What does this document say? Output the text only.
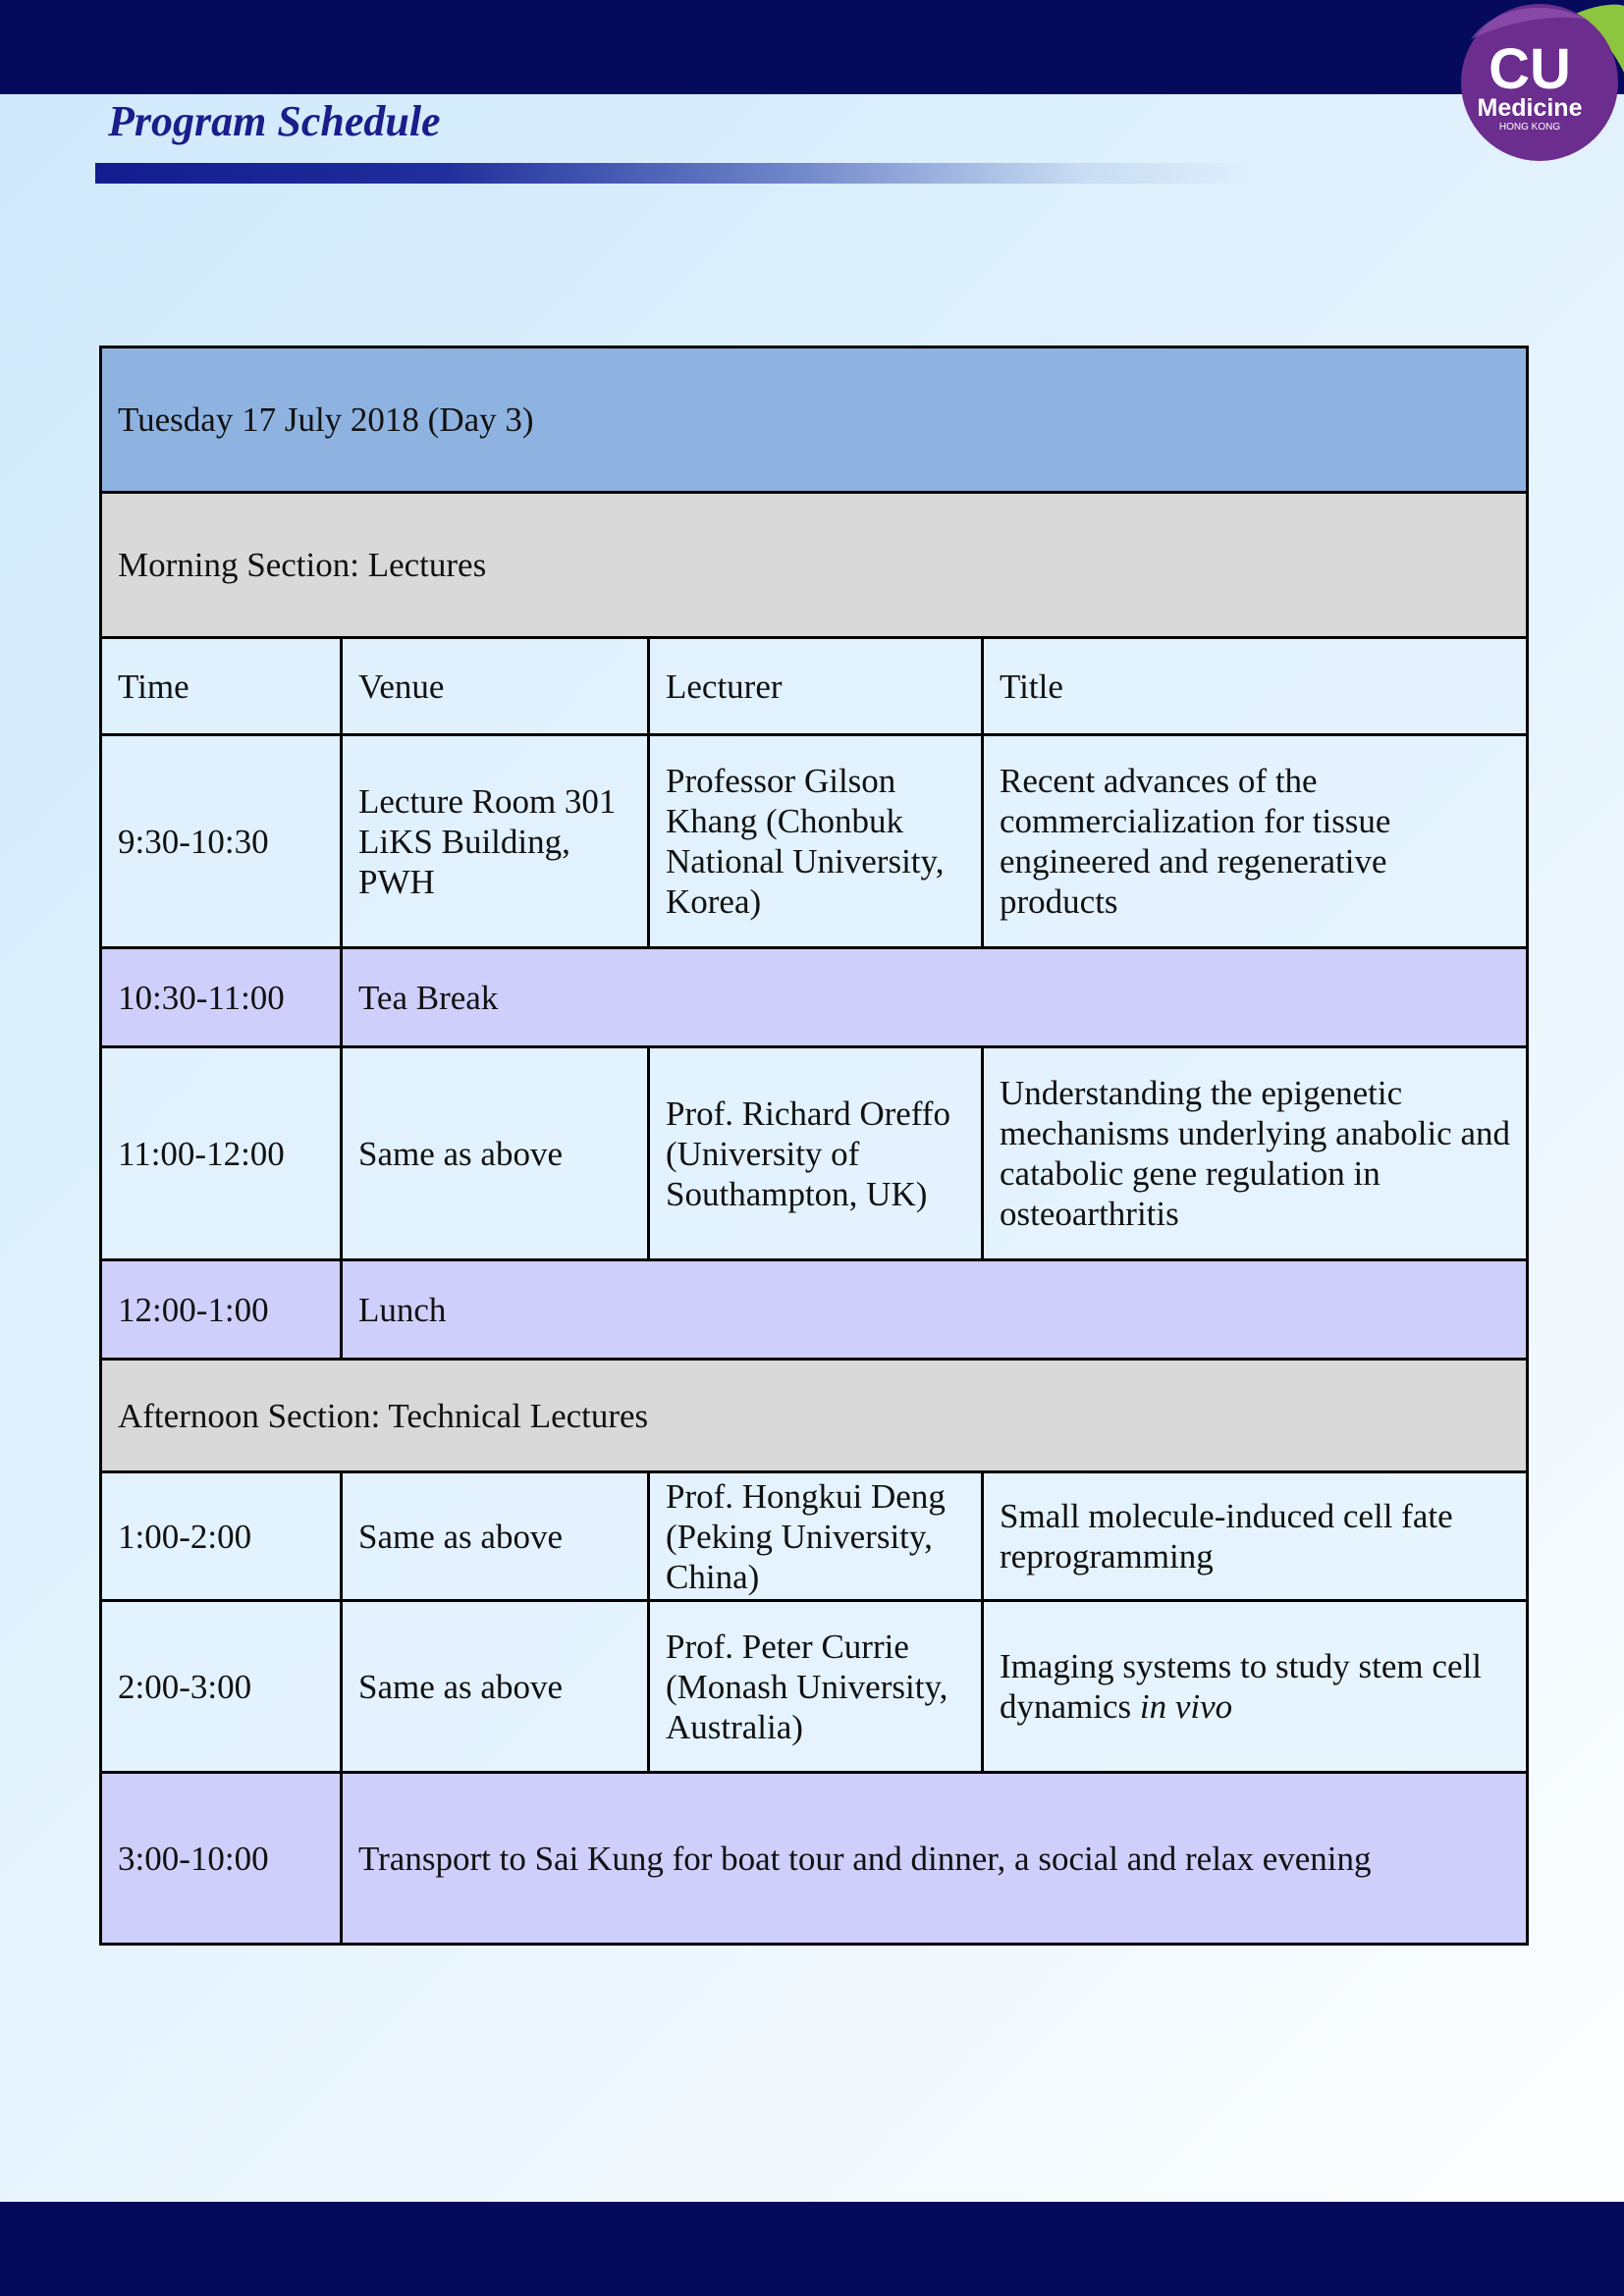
CU
Medicine
HONG KONG
Program Schedule
Tuesday 17 July 2018 (Day 3)			
Morning Section: Lectures			
Time	Venue	Lecturer	Title
9:30-10:30	Lecture Room 301 LiKS Building, PWH	Professor Gilson Khang (Chonbuk National University, Korea)	Recent advances of the commercialization for tissue engineered and regenerative products
10:30-11:00	Tea Break		
11:00-12:00	Same as above	Prof. Richard Oreffo (University of Southampton, UK)	Understanding the epigenetic mechanisms underlying anabolic and catabolic gene regulation in osteoarthritis
12:00-1:00	Lunch		
Afternoon Section: Technical Lectures			
1:00-2:00	Same as above	Prof. Hongkui Deng (Peking University, China)	Small molecule-induced cell fate reprogramming
2:00-3:00	Same as above	Prof. Peter Currie (Monash University, Australia)	Imaging systems to study stem cell dynamics in vivo
3:00-10:00	Transport to Sai Kung for boat tour and dinner, a social and relax evening		
